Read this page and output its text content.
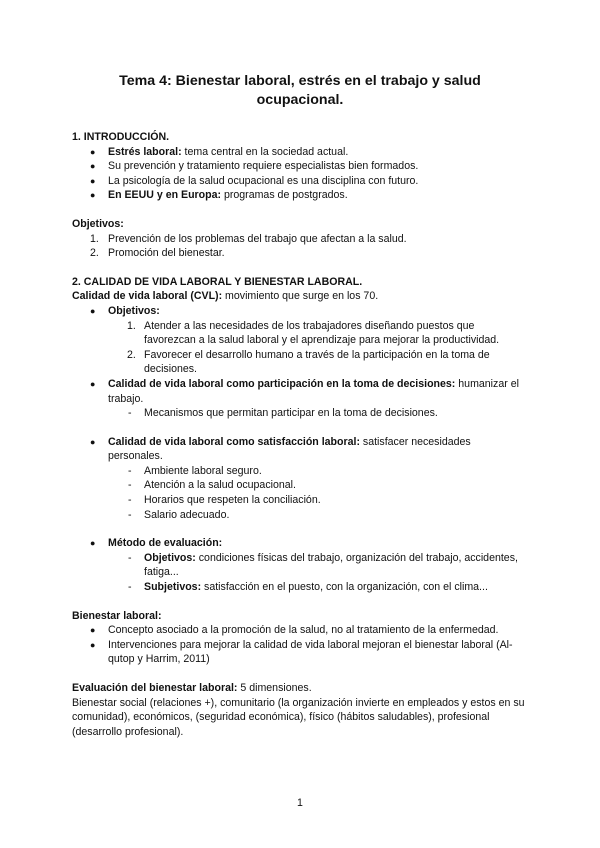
Tema 4: Bienestar laboral, estrés en el trabajo y salud ocupacional.
1. INTRODUCCIÓN.
●	Estrés laboral: tema central en la sociedad actual.
●	Su prevención y tratamiento requiere especialistas bien formados.
●	La psicología de la salud ocupacional es una disciplina con futuro.
●	En EEUU y en Europa: programas de postgrados.
Objetivos:
1. Prevención de los problemas del trabajo que afectan a la salud.
2. Promoción del bienestar.
2. CALIDAD DE VIDA LABORAL Y BIENESTAR LABORAL.
Calidad de vida laboral (CVL): movimiento que surge en los 70.
●	Objetivos:
1. Atender a las necesidades de los trabajadores diseñando puestos que favorezcan a la salud laboral y el aprendizaje para mejorar la productividad.
2. Favorecer el desarrollo humano a través de la participación en la toma de decisiones.
●	Calidad de vida laboral como participación en la toma de decisiones: humanizar el trabajo.
- Mecanismos que permitan participar en la toma de decisiones.
●	Calidad de vida laboral como satisfacción laboral: satisfacer necesidades personales.
- Ambiente laboral seguro.
- Atención a la salud ocupacional.
- Horarios que respeten la conciliación.
- Salario adecuado.
●	Método de evaluación:
- Objetivos: condiciones físicas del trabajo, organización del trabajo, accidentes, fatiga...
- Subjetivos: satisfacción en el puesto, con la organización, con el clima...
Bienestar laboral:
●	Concepto asociado a la promoción de la salud, no al tratamiento de la enfermedad.
●	Intervenciones para mejorar la calidad de vida laboral mejoran el bienestar laboral (Al-qutop y Harrim, 2011)
Evaluación del bienestar laboral: 5 dimensiones.
Bienestar social (relaciones +), comunitario (la organización invierte en empleados y estos en su comunidad), económicos, (seguridad económica), físico (hábitos saludables), profesional (desarrollo profesional).
1
